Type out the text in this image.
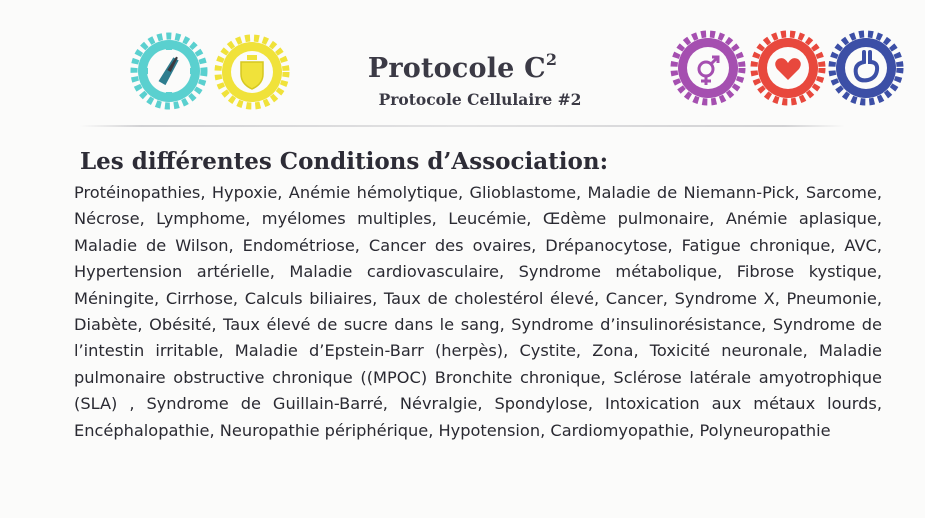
Protocole $C^2$
Protocole Cellulaire #2
Les différentes Conditions d’Association:
Protéinopathies, Hypoxie, Anémie hémolytique, Glioblastome, Maladie de Niemann-Pick, Sarcome, Nécrose, Lymphome, myélomes multiples, Leucémie, Œdème pulmonaire, Anémie aplasique, Maladie de Wilson, Endométriose, Cancer des ovaires, Drépanocytose, Fatigue chronique, AVC, Hypertension artérielle, Maladie cardiovasculaire, Syndrome métabolique, Fibrose kystique, Méningite, Cirrhose, Calculs biliaires, Taux de cholestérol élevé, Cancer, Syndrome X, Pneumonie, Diabète, Obésité, Taux élevé de sucre dans le sang, Syndrome d’insulinorésistance, Syndrome de l’intestin irritable, Maladie d’Epstein-Barr (herpès), Cystite, Zona, Toxicité neuronale, Maladie pulmonaire obstructive chronique ((MPOC) Bronchite chronique, Sclérose latérale amyotrophique (SLA) , Syndrome de Guillain-Barré, Névralgie, Spondylose, Intoxication aux métaux lourds, Encéphalopathie, Neuropathie périphérique, Hypotension, Cardiomyopathie, Polyneuropathie
